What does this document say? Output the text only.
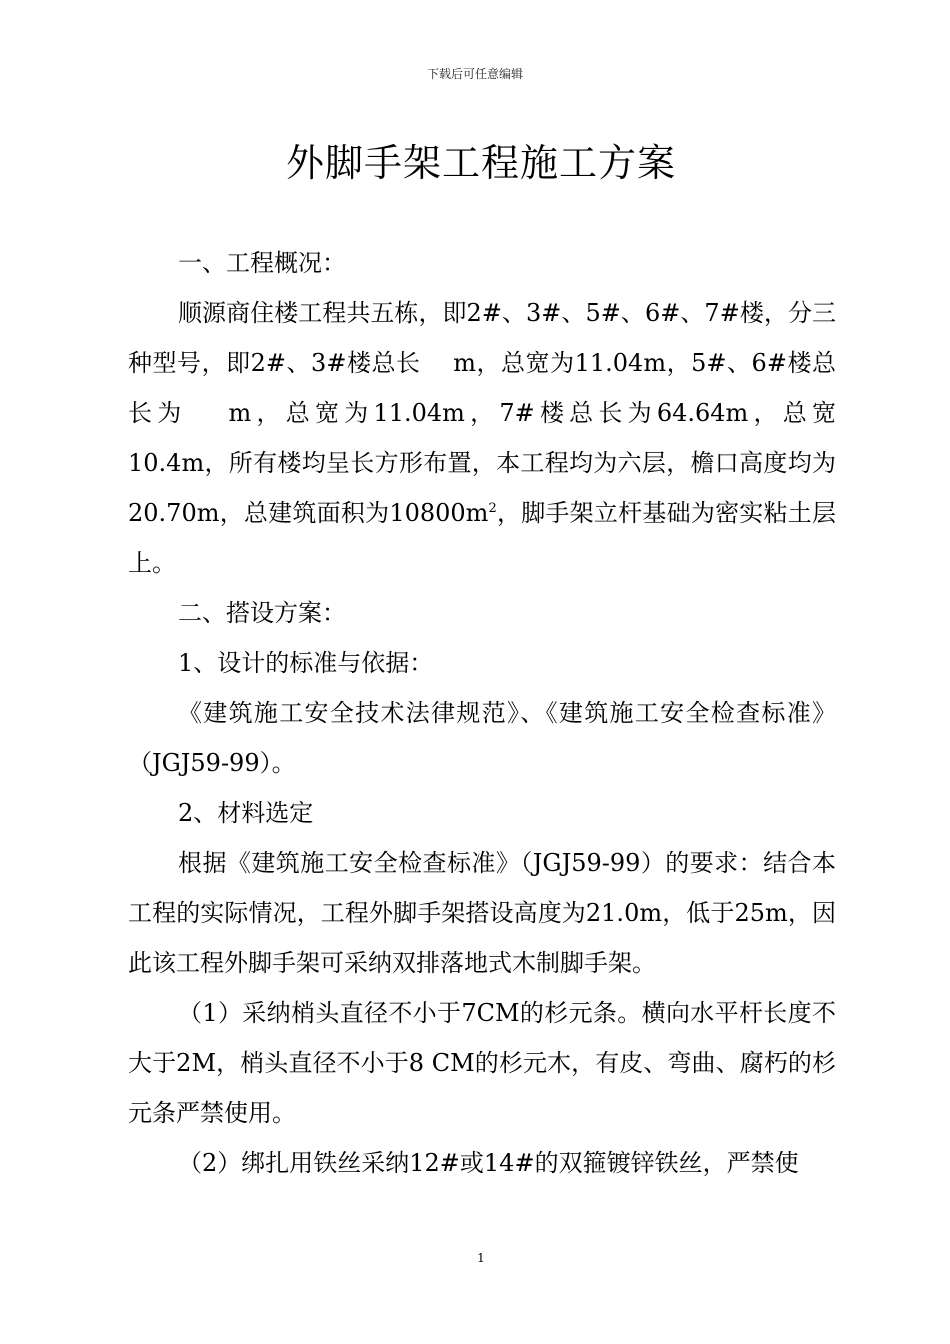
下载后可任意编辑
外脚手架工程施工方案

一、工程概况：

顺源商住楼工程共五栋，即2#、3#、5#、6#、7#楼，分三种型号，即2#、3#楼总长　 m，总宽为11.04m，5#、6#楼总长为　 m，总宽为11.04m，7#楼总长为64.64m，总宽10.4m，所有楼均呈长方形布置，本工程均为六层，檐口高度均为20.70m，总建筑面积为$10800m^2$，脚手架立杆基础为密实粘土层上。

二、搭设方案：

1、设计的标准与依据：

《建筑施工安全技术法律规范》、《建筑施工安全检查标准》（JGJ59-99）。

2、材料选定

根据《建筑施工安全检查标准》（JGJ59-99）的要求：结合本工程的实际情况，工程外脚手架搭设高度为21.0m，低于25m，因此该工程外脚手架可采纳双排落地式木制脚手架。

（1）采纳梢头直径不小于7CM的杉元条。横向水平杆长度不大于2M，梢头直径不小于8 CM的杉元木，有皮、弯曲、腐朽的杉元条严禁使用。

（2）绑扎用铁丝采纳12#或14#的双箍镀锌铁丝，严禁使

1
